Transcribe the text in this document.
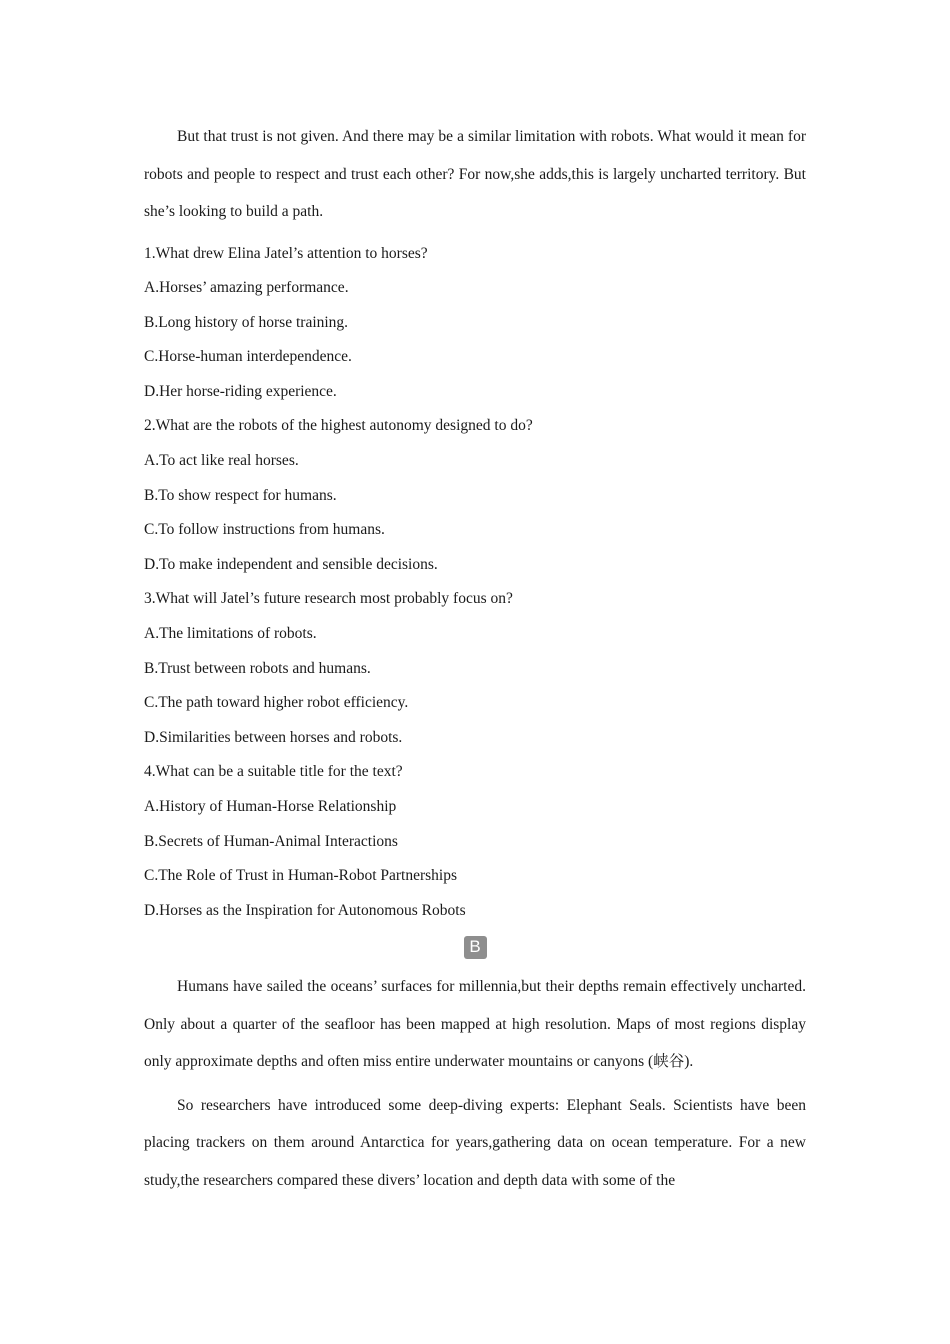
But that trust is not given. And there may be a similar limitation with robots. What would it mean for robots and people to respect and trust each other? For now,she adds,this is largely uncharted territory. But she’s looking to build a path.

1.What drew Elina Jatel’s attention to horses?

A.Horses’ amazing performance.

B.Long history of horse training.

C.Horse-human interdependence.

D.Her horse-riding experience.

2.What are the robots of the highest autonomy designed to do?

A.To act like real horses.

B.To show respect for humans.

C.To follow instructions from humans.

D.To make independent and sensible decisions.

3.What will Jatel’s future research most probably focus on?

A.The limitations of robots.

B.Trust between robots and humans.

C.The path toward higher robot efficiency.

D.Similarities between horses and robots.

4.What can be a suitable title for the text?

A.History of Human-Horse Relationship

B.Secrets of Human-Animal Interactions

C.The Role of Trust in Human-Robot Partnerships

D.Horses as the Inspiration for Autonomous Robots

B

Humans have sailed the oceans’ surfaces for millennia,but their depths remain effectively uncharted. Only about a quarter of the seafloor has been mapped at high resolution. Maps of most regions display only approximate depths and often miss entire underwater mountains or canyons (峡谷).

So researchers have introduced some deep-diving experts: Elephant Seals. Scientists have been placing trackers on them around Antarctica for years,gathering data on ocean temperature. For a new study,the researchers compared these divers’ location and depth data with some of the
